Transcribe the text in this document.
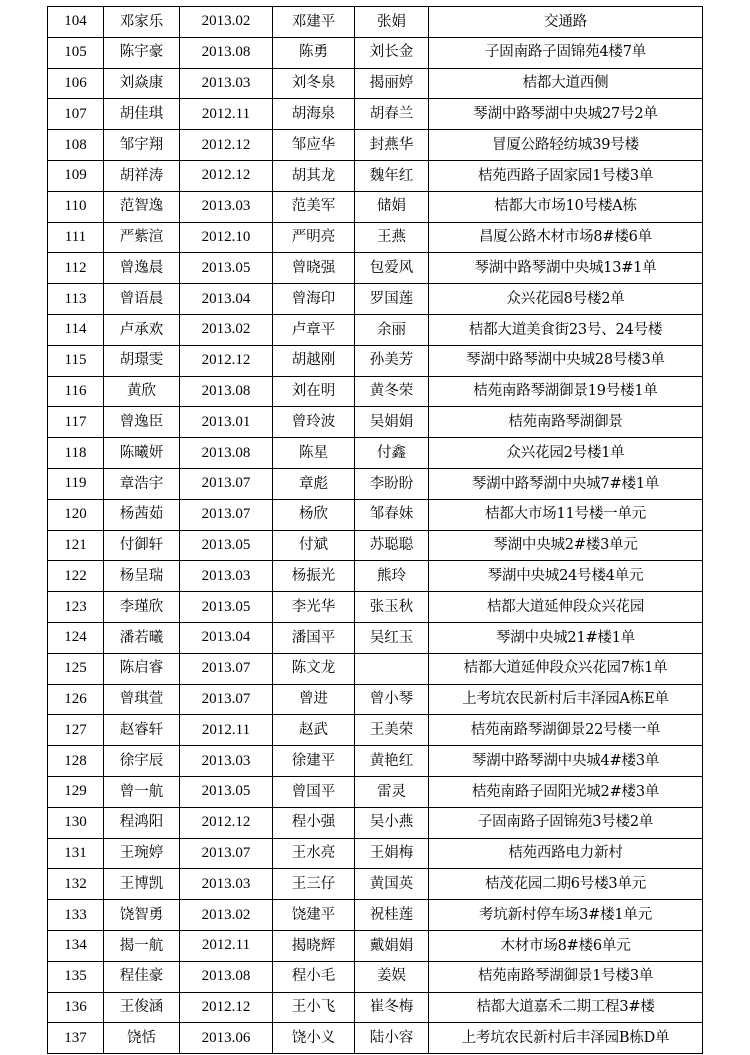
104	邓家乐	2013.02	邓建平	张娟	交通路
105	陈宇豪	2013.08	陈勇	刘长金	子固南路子固锦苑4楼7单
106	刘焱康	2013.03	刘冬泉	揭丽婷	桔都大道西侧
107	胡佳琪	2012.11	胡海泉	胡春兰	琴湖中路琴湖中央城27号2单
108	邹宇翔	2012.12	邹应华	封燕华	冒厦公路轻纺城39号楼
109	胡祥涛	2012.12	胡其龙	魏年红	桔苑西路子固家园1号楼3单
110	范智逸	2013.03	范美军	储娟	桔都大市场10号楼A栋
111	严紫渲	2012.10	严明亮	王燕	昌厦公路木材市场8#楼6单
112	曾逸晨	2013.05	曾晓强	包爱风	琴湖中路琴湖中央城13#1单
113	曾语晨	2013.04	曾海印	罗国莲	众兴花园8号楼2单
114	卢承欢	2013.02	卢章平	余丽	桔都大道美食街23号、24号楼
115	胡璟雯	2012.12	胡越刚	孙美芳	琴湖中路琴湖中央城28号楼3单
116	黄欣	2013.08	刘在明	黄冬荣	桔苑南路琴湖御景19号楼1单
117	曾逸臣	2013.01	曾玲波	吴娟娟	桔苑南路琴湖御景
118	陈曦妍	2013.08	陈星	付鑫	众兴花园2号楼1单
119	章浩宇	2013.07	章彪	李盼盼	琴湖中路琴湖中央城7#楼1单
120	杨茜茹	2013.07	杨欣	邹春妹	桔都大市场11号楼一单元
121	付御轩	2013.05	付斌	苏聪聪	琴湖中央城2#楼3单元
122	杨呈瑞	2013.03	杨振光	熊玲	琴湖中央城24号楼4单元
123	李瑾欣	2013.05	李光华	张玉秋	桔都大道延伸段众兴花园
124	潘若曦	2013.04	潘国平	吴红玉	琴湖中央城21#楼1单
125	陈启睿	2013.07	陈文龙		桔都大道延伸段众兴花园7栋1单
126	曾琪萱	2013.07	曾进	曾小琴	上考坑农民新村后丰泽园A栋E单
127	赵睿轩	2012.11	赵武	王美荣	桔苑南路琴湖御景22号楼一单
128	徐宇辰	2013.03	徐建平	黄艳红	琴湖中路琴湖中央城4#楼3单
129	曾一航	2013.05	曾国平	雷灵	桔苑南路子固阳光城2#楼3单
130	程鸿阳	2012.12	程小强	吴小燕	子固南路子固锦苑3号楼2单
131	王琬婷	2013.07	王水亮	王娟梅	桔苑西路电力新村
132	王博凯	2013.03	王三仔	黄国英	桔茂花园二期6号楼3单元
133	饶智勇	2013.02	饶建平	祝桂莲	考坑新村停车场3#楼1单元
134	揭一航	2012.11	揭晓辉	戴娟娟	木材市场8#楼6单元
135	程佳豪	2013.08	程小毛	姜娱	桔苑南路琴湖御景1号楼3单
136	王俊涵	2012.12	王小飞	崔冬梅	桔都大道嘉禾二期工程3#楼
137	饶恬	2013.06	饶小义	陆小容	上考坑农民新村后丰泽园B栋D单
